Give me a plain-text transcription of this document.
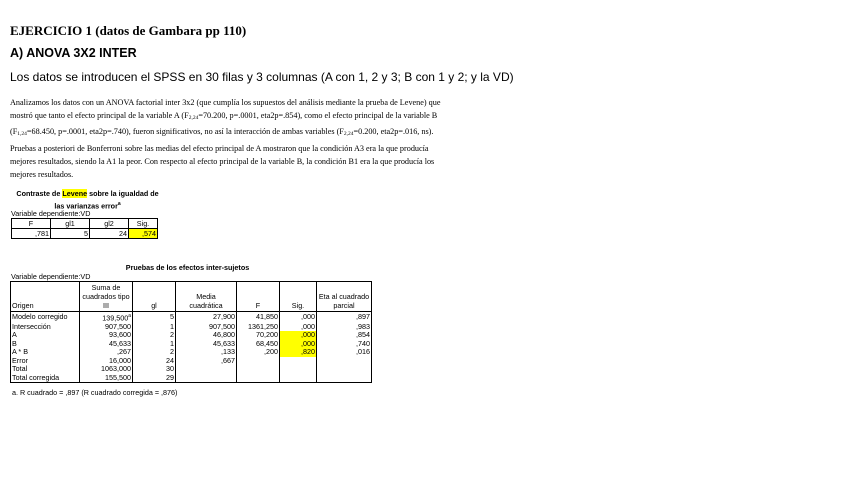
EJERCICIO 1 (datos de Gambara pp 110)
A) ANOVA 3X2 INTER
Los datos se introducen el SPSS en 30 filas y 3 columnas (A con 1, 2 y 3; B con 1 y 2; y la VD)

Analizamos los datos con un ANOVA factorial inter 3x2 (que cumplía los supuestos del análisis mediante la prueba de Levene) que

mostró que tanto el efecto principal de la variable A (F2,24=70.200, p=.0001, eta2p=.854), como el efecto principal de la variable B

(F1,24=68.450, p=.0001, eta2p=.740), fueron significativos, no así la interacción de ambas variables (F2,24=0.200, eta2p=.016, ns).

Pruebas a posteriori de Bonferroni sobre las medias del efecto principal de A mostraron que la condición A3 era la que producía

mejores resultados, siendo la A1 la peor. Con respecto al efecto principal de la variable B, la condición B1 era la que producía los

mejores resultados.

Contraste de Levene sobre la igualdad de
las varianzas error$^a$
Variable dependiente:VD
F	gl1	gl2	Sig.
 ,781	5	24	,574
Pruebas de los efectos inter-sujetos
Variable dependiente:VD
Origen	Suma de
cuadrados tipo
III	gl	Media
cuadrática	F	Sig.	Eta al cuadrado
parcial
Modelo corregido	139,500$^a$	5	27,900	41,850	,000	,897
Intersección	907,500	1	907,500	1361,250	,000	,983
A	93,600	2	46,800	70,200	,000	,854
B	45,633	1	45,633	68,450	,000	,740
A * B	,267	2	,133	,200	,820	,016
Error	16,000	24	,667			
Total	1063,000	30				
Total corregida	155,500	29				
a. R cuadrado = ,897 (R cuadrado corregida = ,876)
